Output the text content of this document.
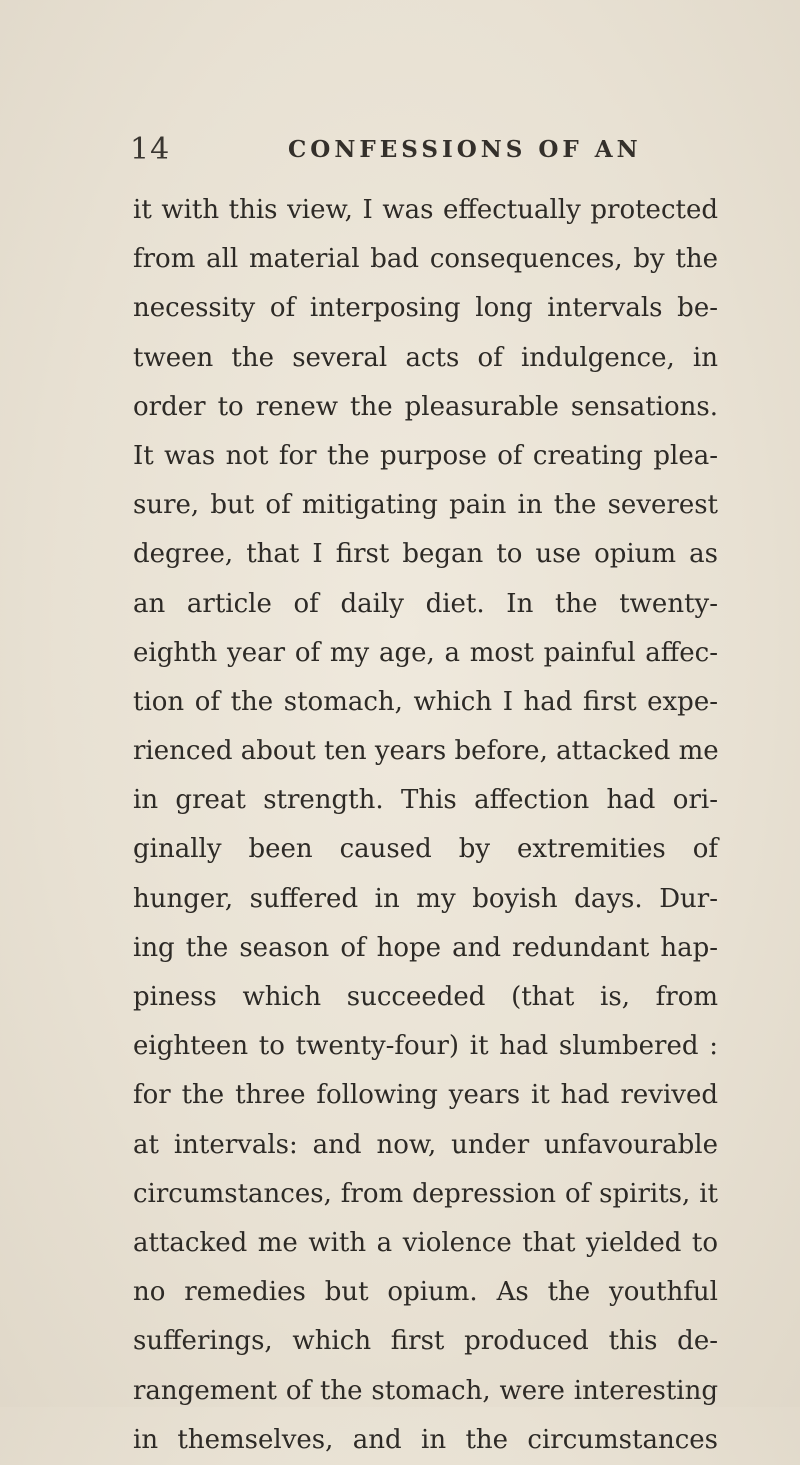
14	CONFESSIONS OF AN
it with this view, I was effectually protected
from all material bad consequences, by the
necessity of interposing long intervals be-
tween the several acts of indulgence, in
order to renew the pleasurable sensations.
It was not for the purpose of creating plea-
sure, but of mitigating pain in the severest
degree, that I first began to use opium as
an article of daily diet. In the twenty-
eighth year of my age, a most painful affec-
tion of the stomach, which I had first expe-
rienced about ten years before, attacked me
in great strength. This affection had ori-
ginally been caused by extremities of
hunger, suffered in my boyish days. Dur-
ing the season of hope and redundant hap-
piness which succeeded (that is, from
eighteen to twenty-four) it had slumbered :
for the three following years it had revived
at intervals: and now, under unfavourable
circumstances, from depression of spirits, it
attacked me with a violence that yielded to
no remedies but opium. As the youthful
sufferings, which first produced this de-
rangement of the stomach, were interesting
in themselves, and in the circumstances
